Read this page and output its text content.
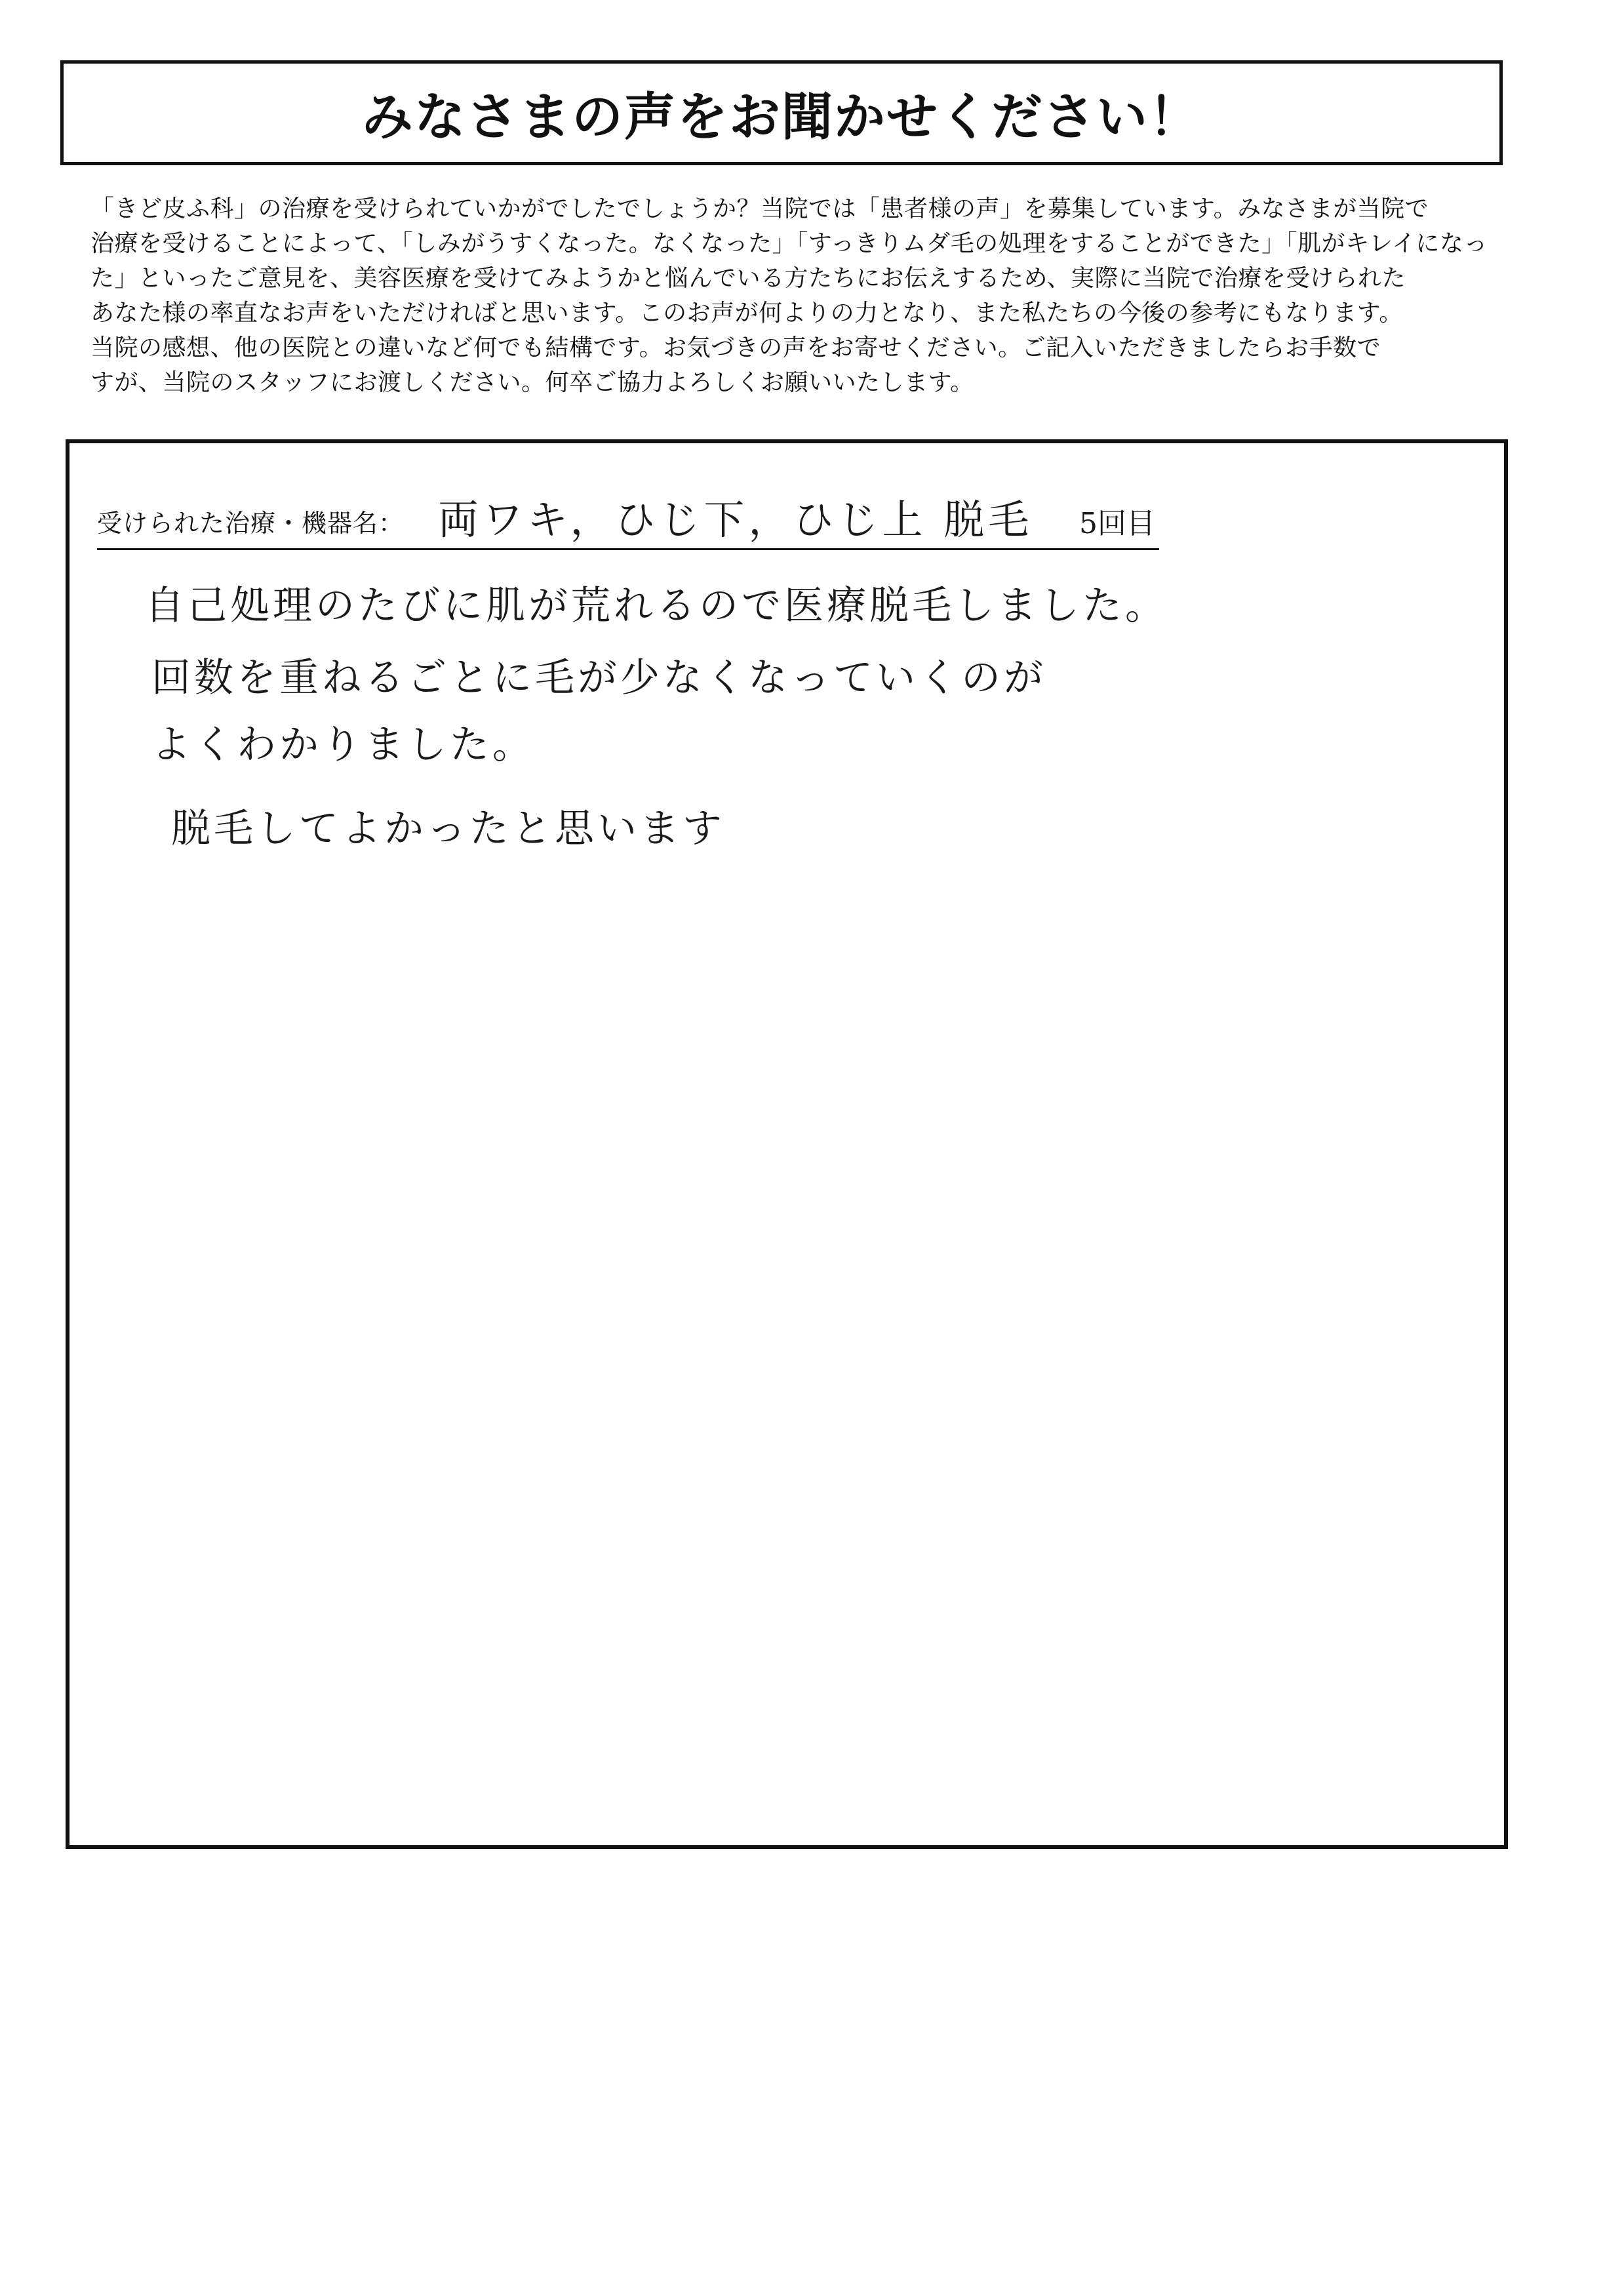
みなさまの声をお聞かせください！
「きど皮ふ科」の治療を受けられていかがでしたでしょうか？当院では「患者様の声」を募集しています。みなさまが当院で
治療を受けることによって、「しみがうすくなった。なくなった」「すっきりムダ毛の処理をすることができた」「肌がキレイになっ
た」といったご意見を、美容医療を受けてみようかと悩んでいる方たちにお伝えするため、実際に当院で治療を受けられた
あなた様の率直なお声をいただければと思います。このお声が何よりの力となり、また私たちの今後の参考にもなります。
当院の感想、他の医院との違いなど何でも結構です。お気づきの声をお寄せください。ご記入いただきましたらお手数で
すが、当院のスタッフにお渡しください。何卒ご協力よろしくお願いいたします。
受けられた治療・機器名： 両ワキ，ひじ下，ひじ上 脱毛 5回目
自己処理のたびに肌が荒れるので医療脱毛しました。
回数を重ねるごとに毛が少なくなっていくのが
よくわかりました。
脱毛してよかったと思います
